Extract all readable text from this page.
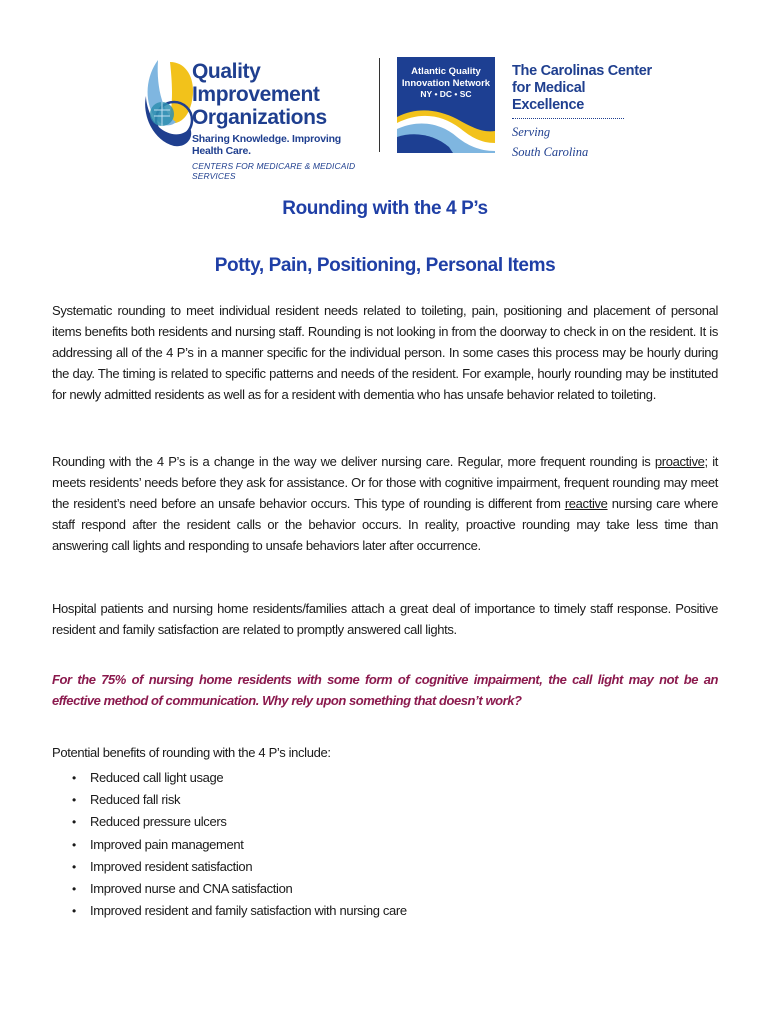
Quality Improvement
Organizations
Sharing Knowledge. Improving Health Care.
CENTERS FOR MEDICARE & MEDICAID SERVICES
Atlantic Quality
Innovation Network
NY • DC • SC
The Carolinas Center
for Medical Excellence
Serving
South Carolina
Rounding with the 4 P’s
Potty, Pain, Positioning, Personal Items

Systematic rounding to meet individual resident needs related to toileting, pain, positioning and placement of personal items benefits both residents and nursing staff. Rounding is not looking in from the doorway to check in on the resident. It is addressing all of the 4 P’s in a manner specific for the individual person. In some cases this process may be hourly during the day. The timing is related to specific patterns and needs of the resident. For example, hourly rounding may be instituted for newly admitted residents as well as for a resident with dementia who has unsafe behavior related to toileting.

Rounding with the 4 P’s is a change in the way we deliver nursing care. Regular, more frequent rounding is proactive; it meets residents’ needs before they ask for assistance. Or for those with cognitive impairment, frequent rounding may meet the resident’s need before an unsafe behavior occurs. This type of rounding is different from reactive nursing care where staff respond after the resident calls or the behavior occurs. In reality, proactive rounding may take less time than answering call lights and responding to unsafe behaviors later after occurrence.

Hospital patients and nursing home residents/families attach a great deal of importance to timely staff response. Positive resident and family satisfaction are related to promptly answered call lights.

For the 75% of nursing home residents with some form of cognitive impairment, the call light may not be an effective method of communication. Why rely upon something that doesn’t work?

Potential benefits of rounding with the 4 P’s include:
• Reduced call light usage
• Reduced fall risk
• Reduced pressure ulcers
• Improved pain management
• Improved resident satisfaction
• Improved nurse and CNA satisfaction
• Improved resident and family satisfaction with nursing care
